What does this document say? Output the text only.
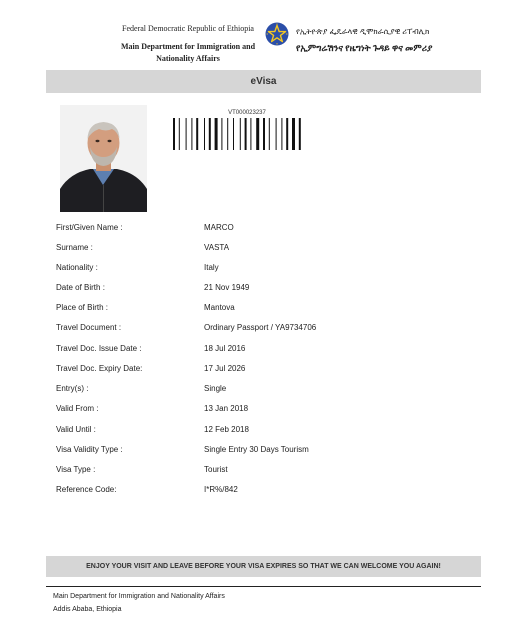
Federal Democratic Republic of Ethiopia
Main Department for Immigration and
Nationality Affairs
የኢትዮጵያ ፌዴራላዊ ዲሞክራሲያዊ ሪፐብሊክ
የኢምግሬሽንና የዜግነት ጉዳይ ዋና መምሪያ
eVisa
VT000023237
First/Given Name :	MARCO
Surname :	VASTA
Nationality :	Italy
Date of Birth :	21 Nov 1949
Place of Birth :	Mantova
Travel Document :	Ordinary Passport / YA9734706
Travel Doc. Issue Date :	18 Jul 2016
Travel Doc. Expiry Date:	17 Jul 2026
Entry(s) :	Single
Valid From :	13 Jan 2018
Valid Until :	12 Feb 2018
Visa Validity Type :	Single Entry 30 Days Tourism
Visa Type :	Tourist
Reference Code:	I*R%/842
ENJOY YOUR VISIT AND LEAVE BEFORE YOUR VISA EXPIRES SO THAT WE CAN WELCOME YOU AGAIN!
Main Department for Immigration and Nationality Affairs
Addis Ababa, Ethiopia
